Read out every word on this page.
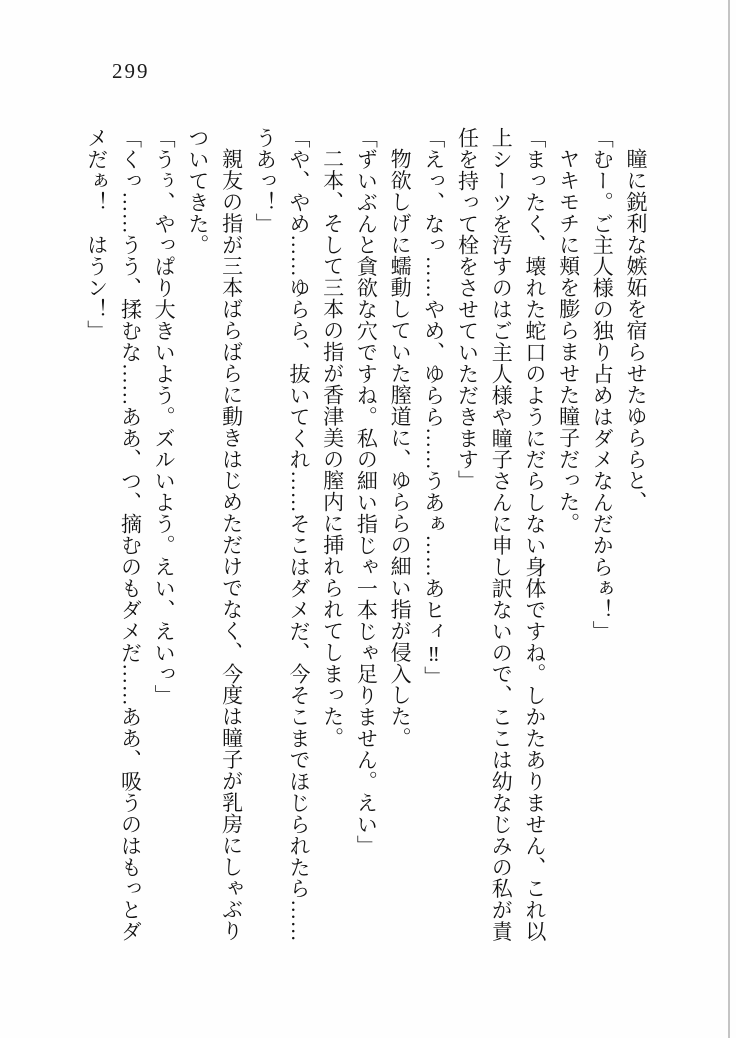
299

瞳に鋭利な嫉妬を宿らせたゆららと、

「むー。ご主人様の独り占めはダメなんだからぁ！」

ヤキモチに頬を膨らませた瞳子だった。

「まったく、壊れた蛇口のようにだらしない身体ですね。しかたありません、これ以上シーツを汚すのはご主人様や瞳子さんに申し訳ないので、ここは幼なじみの私が責任を持って栓をさせていただきます」

「えっ、なっ……やめ、ゆらら……うあぁ……あヒィ‼」

物欲しげに蠕動していた膣道に、ゆららの細い指が侵入した。

「ずいぶんと貪欲な穴ですね。私の細い指じゃ一本じゃ足りません。えい」

二本、そして三本の指が香津美の膣内に挿れられてしまった。

「や、やめ……ゆらら、抜いてくれ……そこはダメだ、今そこまでほじられたら……うあっ！」

親友の指が三本ばらばらに動きはじめただけでなく、今度は瞳子が乳房にしゃぶりついてきた。

「うぅ、やっぱり大きいよう。ズルいよう。えい、えいっ」

「くっ……うう、揉むな……ああ、つ、摘むのもダメだ……ああ、吸うのはもっとダメだぁ！　はうン！」
